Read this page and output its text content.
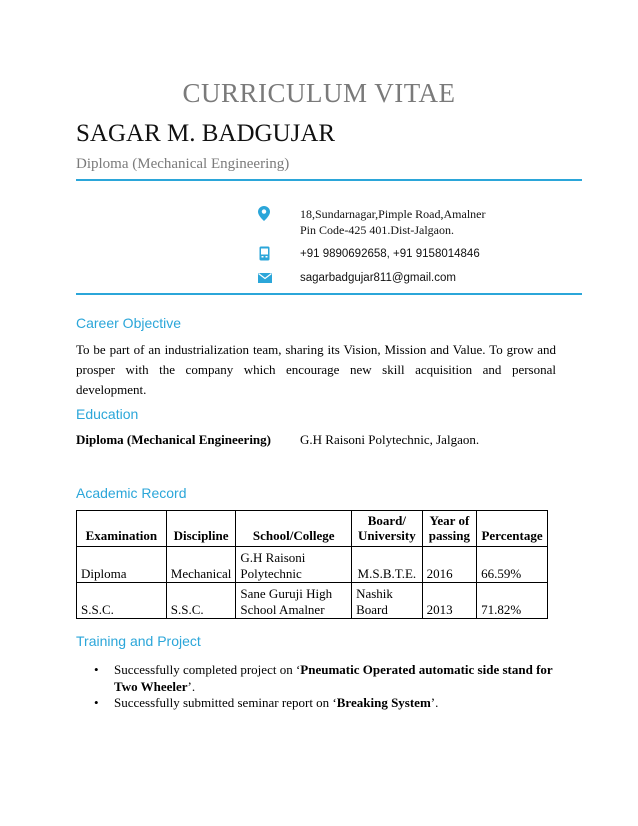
CURRICULUM VITAE
SAGAR M. BADGUJAR
Diploma (Mechanical Engineering)
18,Sundarnagar,Pimple Road,Amalner
Pin Code-425 401.Dist-Jalgaon.
+91 9890692658, +91 9158014846
sagarbadgujar811@gmail.com
Career Objective
To be part of an industrialization team, sharing its Vision, Mission and Value. To grow and prosper with the company which encourage new skill acquisition and personal development.
Education
Diploma (Mechanical Engineering) G.H Raisoni Polytechnic, Jalgaon.
Academic Record
Examination	Discipline	School/College	Board/ University	Year of passing	Percentage
Diploma	Mechanical	G.H Raisoni Polytechnic	M.S.B.T.E.	2016	66.59%
S.S.C.	S.S.C.	Sane Guruji High School Amalner	Nashik Board	2013	71.82%
Training and Project
• Successfully completed project on ‘Pneumatic Operated automatic side stand for Two Wheeler’.
• Successfully submitted seminar report on ‘Breaking System’.
